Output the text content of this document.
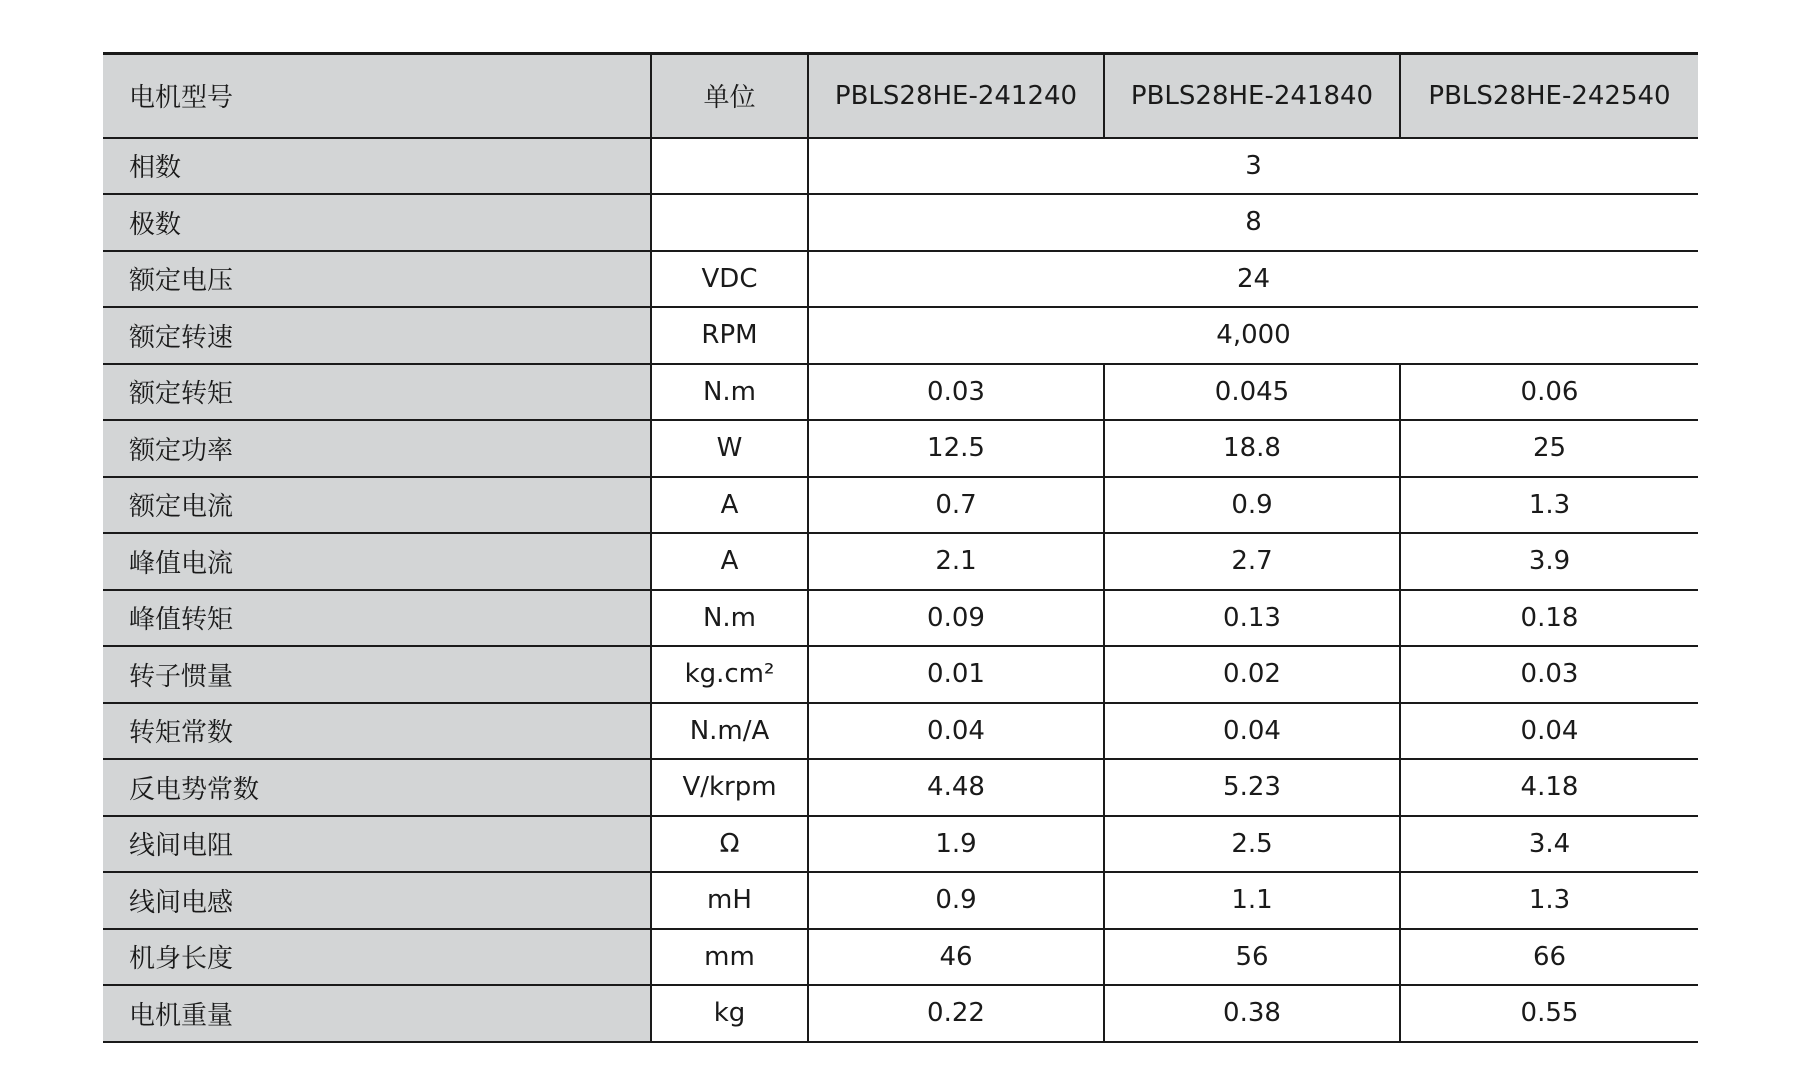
电机型号	单位	PBLS28HE-241240	PBLS28HE-241840	PBLS28HE-242540
相数		3		
极数		8		
额定电压	VDC	24		
额定转速	RPM	4,000		
额定转矩	N.m	0.03	0.045	0.06
额定功率	W	12.5	18.8	25
额定电流	A	0.7	0.9	1.3
峰值电流	A	2.1	2.7	3.9
峰值转矩	N.m	0.09	0.13	0.18
转子惯量	kg.cm²	0.01	0.02	0.03
转矩常数	N.m/A	0.04	0.04	0.04
反电势常数	V/krpm	4.48	5.23	4.18
线间电阻	Ω	1.9	2.5	3.4
线间电感	mH	0.9	1.1	1.3
机身长度	mm	46	56	66
电机重量	kg	0.22	0.38	0.55
